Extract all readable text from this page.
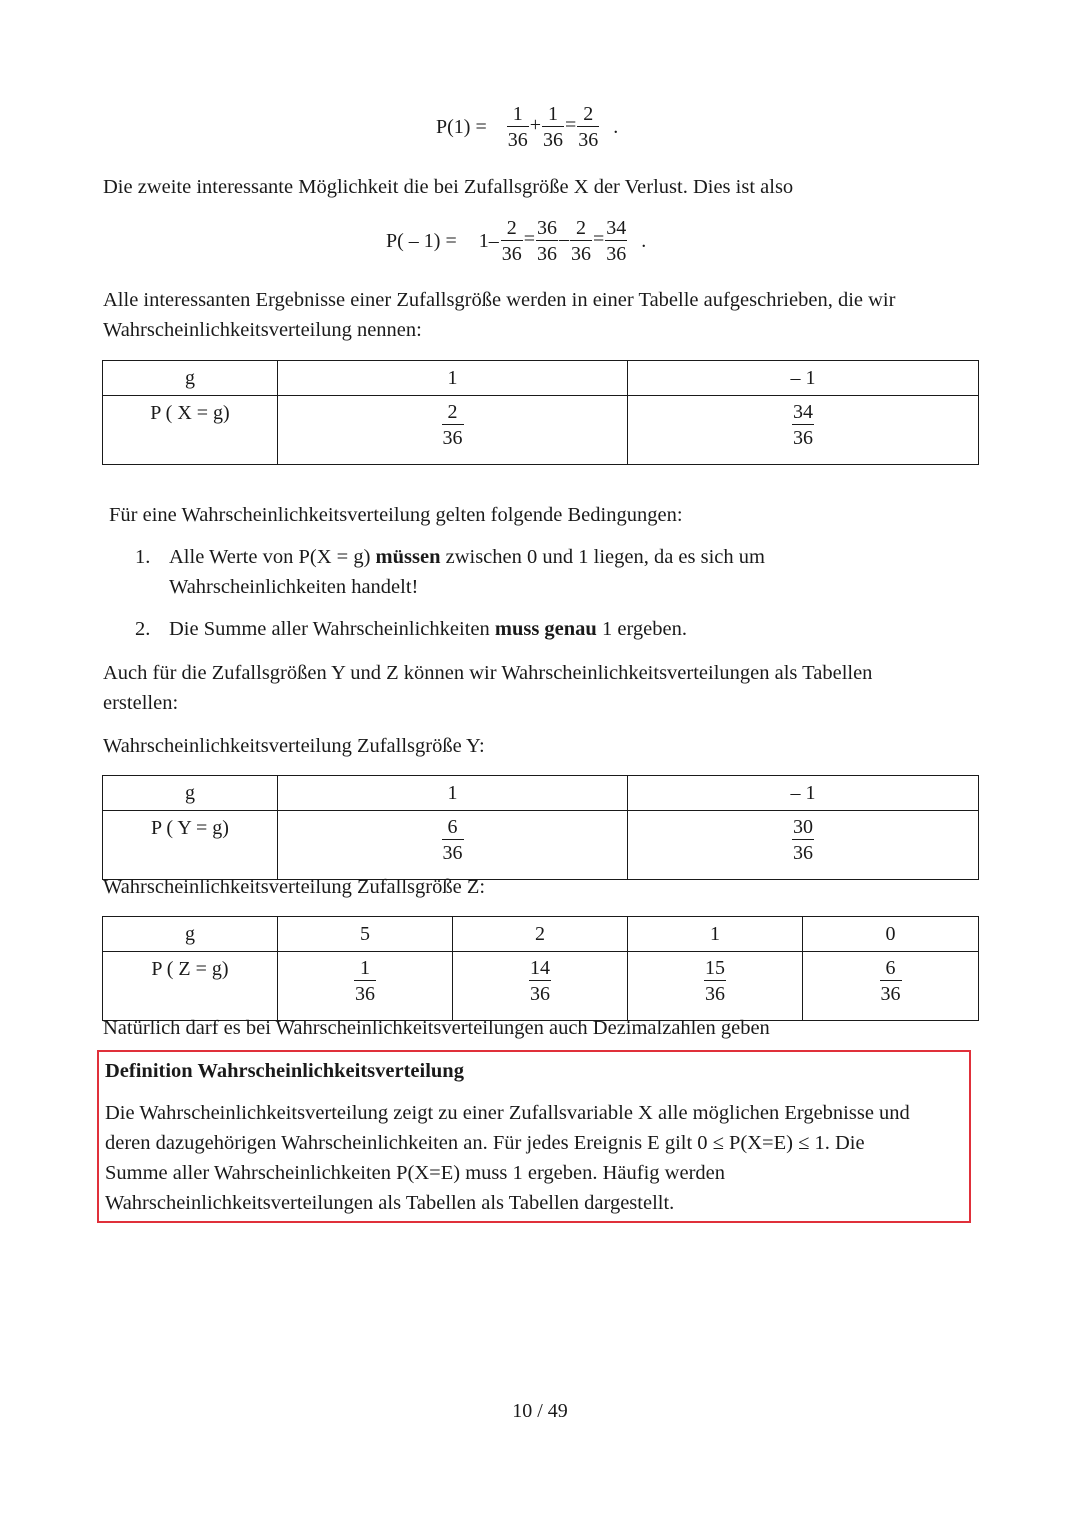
$P(1) = \frac{1}{36} + \frac{1}{36} = \frac{2}{36}$ .
Die zweite interessante Möglichkeit die bei Zufallsgröße X der Verlust. Dies ist also
$P( - 1) = 1- \frac{2}{36} = \frac{36}{36} - \frac{2}{36} = \frac{34}{36}$ .
Alle interessanten Ergebnisse einer Zufallsgröße werden in einer Tabelle aufgeschrieben, die wir
Wahrscheinlichkeitsverteilung nennen:
g	1	– 1
P ( X = g)	$\frac{2}{36}$	$\frac{34}{36}$
Für eine Wahrscheinlichkeitsverteilung gelten folgende Bedingungen:
1. Alle Werte von P(X = g) müssen zwischen 0 und 1 liegen, da es sich um
Wahrscheinlichkeiten handelt!
2. Die Summe aller Wahrscheinlichkeiten muss genau 1 ergeben.
Auch für die Zufallsgrößen Y und Z können wir Wahrscheinlichkeitsverteilungen als Tabellen
erstellen:
Wahrscheinlichkeitsverteilung Zufallsgröße Y:
g	1	– 1
P ( Y = g)	$\frac{6}{36}$	$\frac{30}{36}$
Wahrscheinlichkeitsverteilung Zufallsgröße Z:
g	5	2	1	0
P ( Z = g)	$\frac{1}{36}$	$\frac{14}{36}$	$\frac{15}{36}$	$\frac{6}{36}$
Natürlich darf es bei Wahrscheinlichkeitsverteilungen auch Dezimalzahlen geben
Definition Wahrscheinlichkeitsverteilung
Die Wahrscheinlichkeitsverteilung zeigt zu einer Zufallsvariable X alle möglichen Ergebnisse und
deren dazugehörigen Wahrscheinlichkeiten an. Für jedes Ereignis E gilt 0 ≤ P(X=E) ≤ 1. Die
Summe aller Wahrscheinlichkeiten P(X=E) muss 1 ergeben. Häufig werden
Wahrscheinlichkeitsverteilungen als Tabellen als Tabellen dargestellt.
10 / 49
